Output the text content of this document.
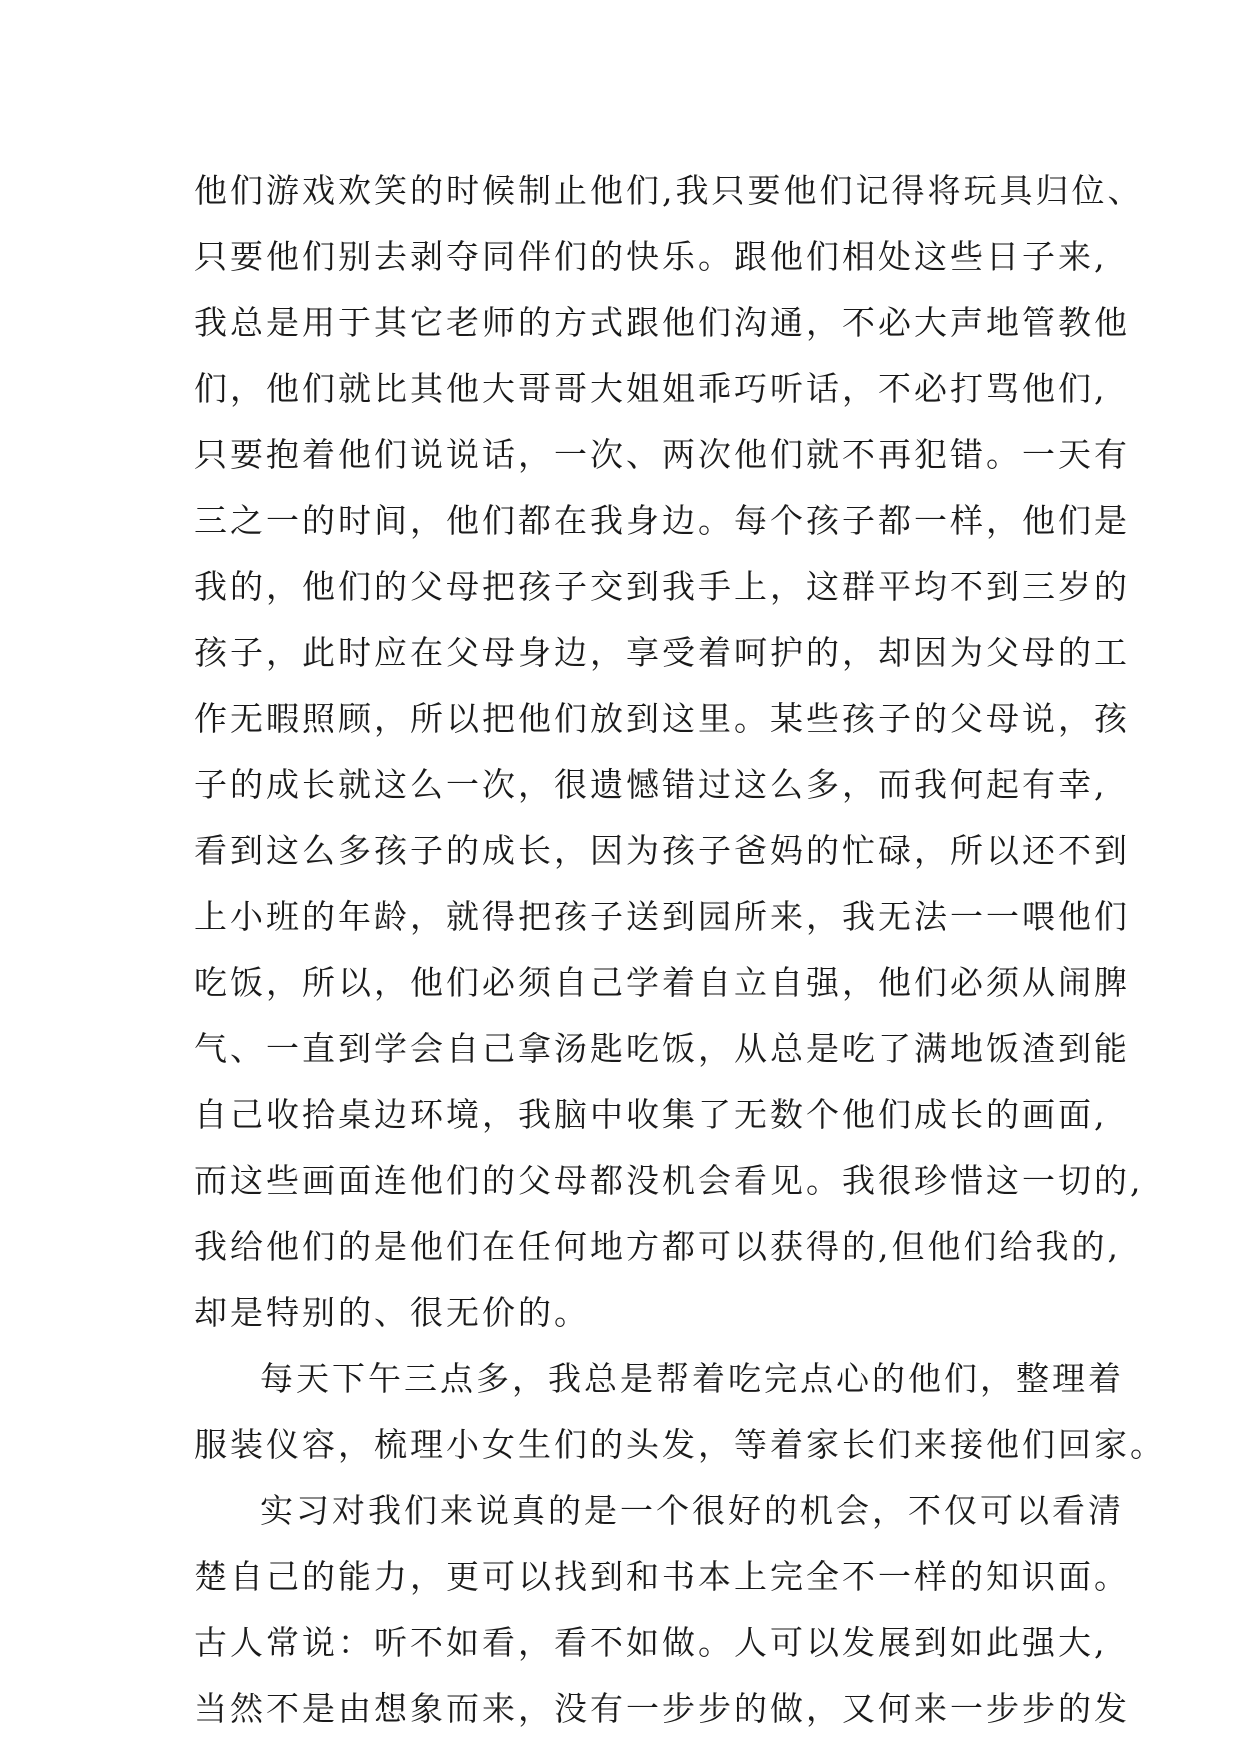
他们游戏欢笑的时候制止他们,我只要他们记得将玩具归位、
只要他们别去剥夺同伴们的快乐。跟他们相处这些日子来,
我总是用于其它老师的方式跟他们沟通，不必大声地管教他
们，他们就比其他大哥哥大姐姐乖巧听话，不必打骂他们,
只要抱着他们说说话，一次、两次他们就不再犯错。一天有
三之一的时间，他们都在我身边。每个孩子都一样，他们是
我的，他们的父母把孩子交到我手上，这群平均不到三岁的
孩子，此时应在父母身边，享受着呵护的，却因为父母的工
作无暇照顾，所以把他们放到这里。某些孩子的父母说，孩
子的成长就这么一次，很遗憾错过这么多，而我何起有幸,
看到这么多孩子的成长，因为孩子爸妈的忙碌，所以还不到
上小班的年龄，就得把孩子送到园所来，我无法一一喂他们
吃饭，所以，他们必须自己学着自立自强，他们必须从闹脾
气、一直到学会自己拿汤匙吃饭，从总是吃了满地饭渣到能
自己收拾桌边环境，我脑中收集了无数个他们成长的画面,
而这些画面连他们的父母都没机会看见。我很珍惜这一切的,
我给他们的是他们在任何地方都可以获得的,但他们给我的,
却是特别的、很无价的。
每天下午三点多，我总是帮着吃完点心的他们，整理着
服装仪容，梳理小女生们的头发，等着家长们来接他们回家。
实习对我们来说真的是一个很好的机会，不仅可以看清
楚自己的能力，更可以找到和书本上完全不一样的知识面。
古人常说：听不如看，看不如做。人可以发展到如此强大,
当然不是由想象而来，没有一步步的做，又何来一步步的发
